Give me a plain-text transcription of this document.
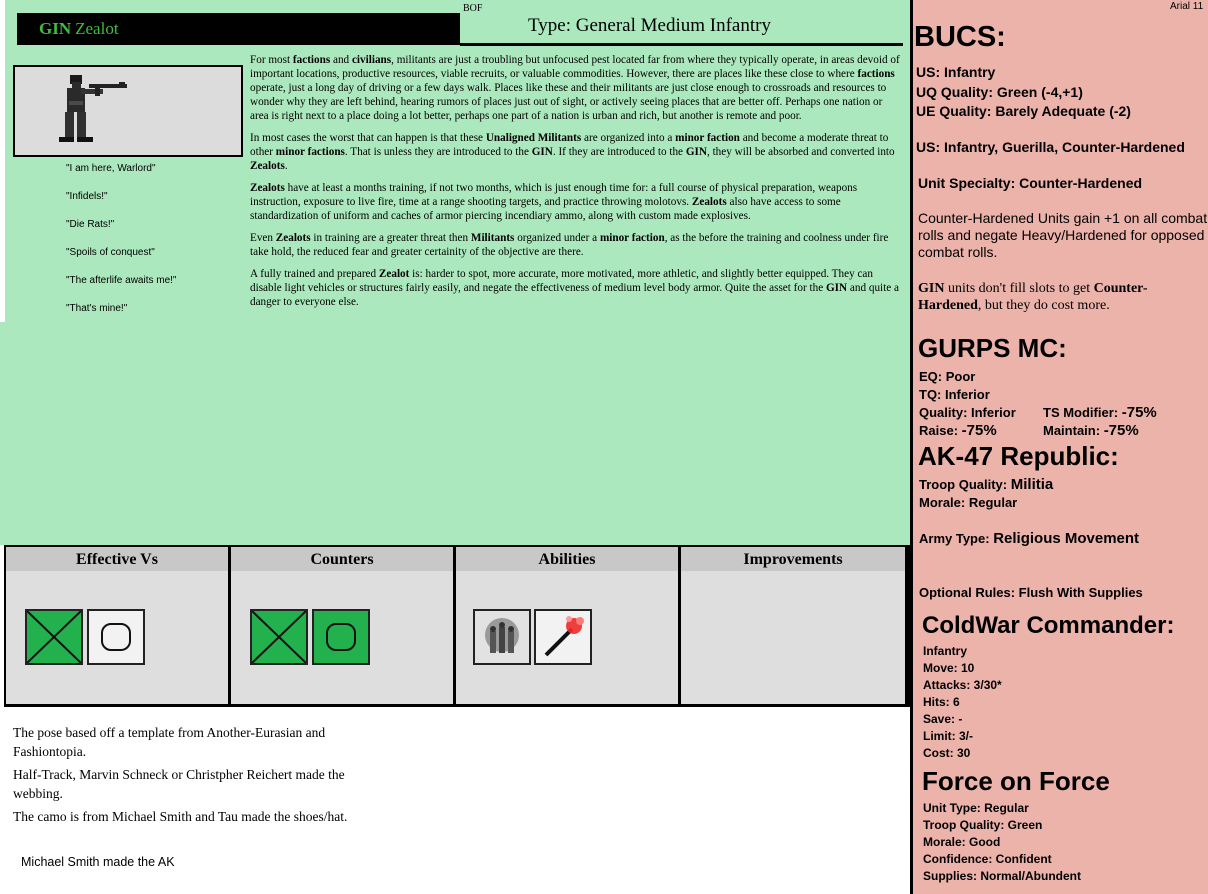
GIN Zealot
BOF
Type: General Medium Infantry
"I am here, Warlord"
"Infidels!"
"Die Rats!"
"Spoils of conquest"
"The afterlife awaits me!"
"That's mine!"

For most factions and civilians, militants are just a troubling but unfocused pest located far from where they typically operate, in areas devoid of important locations, productive resources, viable recruits, or valuable commodities. However, there are places like these close to where factions operate, just a long day of driving or a few days walk. Places like these and their militants are just close enough to crossroads and resources to wonder why they are left behind, hearing rumors of places just out of sight, or actively seeing places that are better off. Perhaps one nation or area is right next to a place doing a lot better, perhaps one part of a nation is urban and rich, but another is remote and poor.

In most cases the worst that can happen is that these Unaligned Militants are organized into a minor faction and become a moderate threat to other minor factions. That is unless they are introduced to the GIN. If they are introduced to the GIN, they will be absorbed and converted into Zealots.

Zealots have at least a months training, if not two months, which is just enough time for: a full course of physical preparation, weapons instruction, exposure to live fire, time at a range shooting targets, and practice throwing molotovs. Zealots also have access to some standardization of uniform and caches of armor piercing incendiary ammo, along with custom made explosives.

Even Zealots in training are a greater threat then Militants organized under a minor faction, as the before the training and coolness under fire take hold, the reduced fear and greater certainity of the objective are there.

A fully trained and prepared Zealot is: harder to spot, more accurate, more motivated, more athletic, and slightly better equipped. They can disable light vehicles or structures fairly easily, and negate the effectiveness of medium level body armor. Quite the asset for the GIN and quite a danger to everyone else.

Effective Vs	Counters	Abilities	Improvements

The pose based off a template from Another-Eurasian and Fashiontopia.

Half-Track, Marvin Schneck or Christpher Reichert made the webbing.

The camo is from Michael Smith and Tau made the shoes/hat.

Michael Smith made the AK
Arial 11
BUCS:
US: Infantry
UQ Quality: Green (-4,+1)
UE Quality: Barely Adequate (-2)
US: Infantry, Guerilla, Counter-Hardened
Unit Specialty: Counter-Hardened
Counter-Hardened Units gain +1 on all combat rolls and negate Heavy/Hardened for opposed combat rolls.
GIN units don't fill slots to get Counter-Hardened, but they do cost more.
GURPS MC:
EQ: Poor
TQ: Inferior
Quality: Inferior TS Modifier: -75%
Raise: -75%	Maintain: -75%
AK-47 Republic:
Troop Quality: Militia
Morale: Regular
Army Type: Religious Movement
Optional Rules: Flush With Supplies
ColdWar Commander:
Infantry
Move: 10
Attacks: 3/30*
Hits: 6
Save: -
Limit: 3/-
Cost: 30
Force on Force
Unit Type: Regular
Troop Quality: Green
Morale: Good
Confidence: Confident
Supplies: Normal/Abundent
